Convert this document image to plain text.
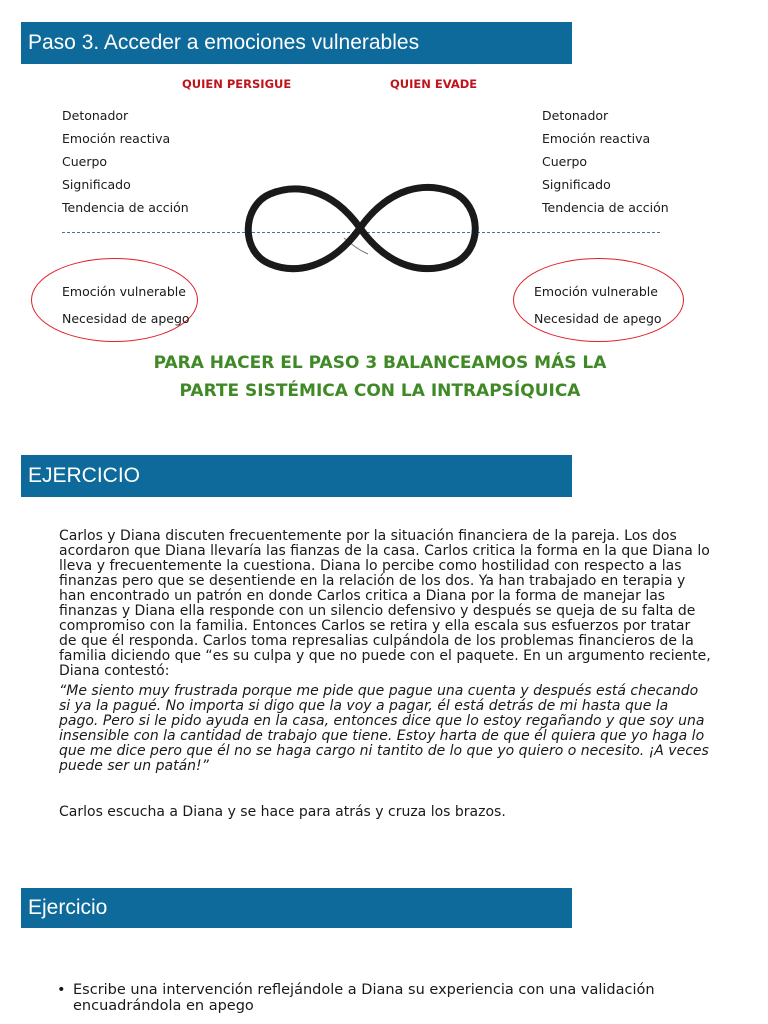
Paso 3. Acceder a emociones vulnerables
QUIEN PERSIGUE	QUIEN EVADE
Detonador
Emoción reactiva
Cuerpo
Significado
Tendencia de acción
Detonador
Emoción reactiva
Cuerpo
Significado
Tendencia de acción
Emoción vulnerable
Necesidad de apego
Emoción vulnerable
Necesidad de apego
PARA HACER EL PASO 3 BALANCEAMOS MÁS LA
PARTE SISTÉMICA CON LA INTRAPSÍQUICA
EJERCICIO

Carlos y Diana discuten frecuentemente por la situación financiera de la pareja. Los dos acordaron que Diana llevaría las fianzas de la casa. Carlos critica la forma en la que Diana lo lleva y frecuentemente la cuestiona. Diana lo percibe como hostilidad con respecto a las finanzas pero que se desentiende en la relación de los dos. Ya han trabajado en terapia y han encontrado un patrón en donde Carlos critica a Diana por la forma de manejar las finanzas y Diana ella responde con un silencio defensivo y después se queja de su falta de compromiso con la familia. Entonces Carlos se retira y ella escala sus esfuerzos por tratar de que él responda. Carlos toma represalias culpándola de los problemas financieros de la familia diciendo que “es su culpa y que no puede con el paquete. En un argumento reciente, Diana contestó:

“Me siento muy frustrada porque me pide que pague una cuenta y después está checando si ya la pagué. No importa si digo que la voy a pagar, él está detrás de mi hasta que la pago. Pero si le pido ayuda en la casa, entonces dice que lo estoy regañando y que soy una insensible con la cantidad de trabajo que tiene. Estoy harta de que él quiera que yo haga lo que me dice pero que él no se haga cargo ni tantito de lo que yo quiero o necesito. ¡A veces puede ser un patán!”

Carlos escucha a Diana y se hace para atrás y cruza los brazos.

Ejercicio
• Escribe una intervención reflejándole a Diana su experiencia con una validación encuadrándola en apego
